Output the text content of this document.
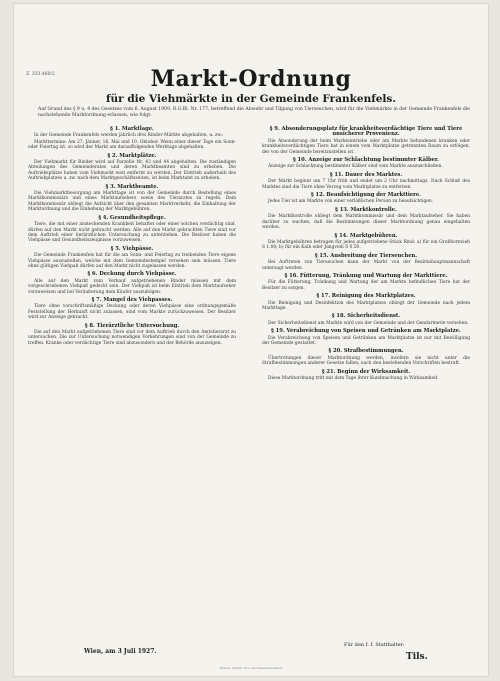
Z. 333.460/2	Markt-Ordnung
für die Viehmärkte in der Gemeinde Frankenfels.
Auf Grund des § 9 u. 4 des Gesetzes vom 6. August 1909, R.G.Bl. Nr. 177, betreffend die Abwehr und Tilgung von Tierseuchen, wird für die Viehmärkte in der Gemeinde Frankenfels die nachstehende Marktordnung erlassen, wie folgt:
§ 1. Marktlage.
In der Gemeinde Frankenfels werden jährlich drei Rinder-Märkte abgehalten, u. zw.:
Markttermine: Am 27. Jänner, 16. Mai und 10. Oktober. Wenn einer dieser Tage ein Sonn- oder Feiertag ist, so wird der Markt am darauffolgenden Werktage abgehalten.
§ 2. Marktplätze.
Der Viehmarkt für Rinder wird auf Parzelle Nr. 43 und 44 abgehalten. Die zuständigen Abteilungen des Gemeinderates und deren Marktbeamten sind zu erheben. Die Auftriebsplätze haben vom Viehmarkt weit entfernt zu werden. Der Eintrieb außerhalb des Auftriebplatzes u. zw. nach dem Marktgeschäftszeiten, ist beim Marktamt zu erheben.
§ 3. Marktbeamte.
Die Viehmarktbesorgung am Markttage ist von der Gemeinde durch Bestellung eines Marktkommissärs und eines Marktaufsehers sowie des Tierarztes zu regeln. Dem Marktkommissär obliegt die Aufsicht über den gesamten Marktverkehr, die Einhaltung der Marktordnung und die Einhebung der Marktgebühren.
§ 4. Gesundheitspflege.
Tiere, die mit einer ansteckenden Krankheit behaftet oder einer solchen verdächtig sind, dürfen auf den Markt nicht gebracht werden. Alle auf den Markt gebrachten Tiere sind vor dem Auftrieb einer tierärztlichen Untersuchung zu unterziehen. Die Besitzer haben die Viehpässe und Gesundheitszeugnisse vorzuweisen.
§ 5. Viehpässe.
Die Gemeinde Frankenfels hat für die am Sonn- und Feiertag zu treibenden Tiere eigene Viehpässe auszustellen, welche mit dem Gemeindestempel versehen sein müssen. Tiere ohne gültigen Viehpaß dürfen auf den Markt nicht zugelassen werden.
§ 6. Deckung durch Viehpässe.
Alle auf den Markt zum Verkauf aufgetriebenen Rinder müssen mit dem vorgeschriebenen Viehpaß gedeckt sein. Der Viehpaß ist beim Eintrieb dem Marktaufseher vorzuweisen und bei Veräußerung dem Käufer auszufolgen.
§ 7. Mangel des Viehpasses.
Tiere ohne vorschriftsmäßige Deckung oder deren Viehpässe eine ordnungsgemäße Feststellung der Herkunft nicht zulassen, sind vom Markte zurückzuweisen. Der Besitzer wird zur Anzeige gebracht.
§ 8. Tierärztliche Untersuchung.
Die auf den Markt aufgetriebenen Tiere sind vor dem Auftrieb durch den Amtstierarzt zu untersuchen. Die zur Untersuchung notwendigen Vorkehrungen sind von der Gemeinde zu treffen. Kranke oder verdächtige Tiere sind abzusondern und der Behörde anzuzeigen.
§ 9. Absonderungsplatz für krankheitsverdächtige Tiere und Tiere unsicherer Provenienz.
Die Absonderung der beim Markteintriebe oder am Markte befundenen kranken oder krankheitsverdächtigen Tiere hat in einem vom Marktplatze getrennten Raum zu erfolgen, der von der Gemeinde bereitzustellen ist.
§ 10. Anzeige zur Schlachtung bestimmter Kälber.
Anzeige zur Schlachtung bestimmter Kälber sind vom Markte auszuschließen.
§ 11. Dauer des Marktes.
Der Markt beginnt um 7 Uhr früh und endet um 2 Uhr nachmittags. Nach Schluß des Marktes sind die Tiere ohne Verzug vom Marktplatze zu entfernen.
§ 12. Beaufsichtigung der Markttiere.
Jedes Tier ist am Markte von einer verläßlichen Person zu beaufsichtigen.
§ 13. Marktkontrolle.
Die Marktkontrolle obliegt dem Marktkommissär und dem Marktaufseher. Sie haben darüber zu wachen, daß die Bestimmungen dieser Marktordnung genau eingehalten werden.
§ 14. Marktgebühren.
Die Marktgebühren betragen für jedes aufgetriebene Stück Rind: a) für ein Großhornvieh S 1.00; b) für ein Kalb oder Jungvieh S 0.50.
§ 15. Ausbreitung der Tierseuchen.
Bei Auftreten von Tierseuchen kann der Markt von der Bezirkshauptmannschaft untersagt werden.
§ 16. Fütterung, Tränkung und Wartung der Markttiere.
Für die Fütterung, Tränkung und Wartung der am Markte befindlichen Tiere hat der Besitzer zu sorgen.
§ 17. Reinigung des Marktplatzes.
Die Reinigung und Desinfektion des Marktplatzes obliegt der Gemeinde nach jedem Markttage.
§ 18. Sicherheitsdienst.
Der Sicherheitsdienst am Markte wird von der Gemeinde und der Gendarmerie versehen.
§ 19. Verabreichung von Speisen und Getränken am Marktplatze.
Die Verabreichung von Speisen und Getränken am Marktplatze ist nur mit Bewilligung der Gemeinde gestattet.
§ 20. Strafbestimmungen.
Übertretungen dieser Marktordnung werden, insofern sie nicht unter die Strafbestimmungen anderer Gesetze fallen, nach den bestehenden Vorschriften bestraft.
§ 21. Beginn der Wirksamkeit.
Diese Marktordnung tritt mit dem Tage ihrer Kundmachung in Wirksamkeit.
Wien, am 3 Juli 1927.
Für den f. f. Statthalter:
Tils.
Kaiserl. Königl. Hof- und Staatsdruckerei
